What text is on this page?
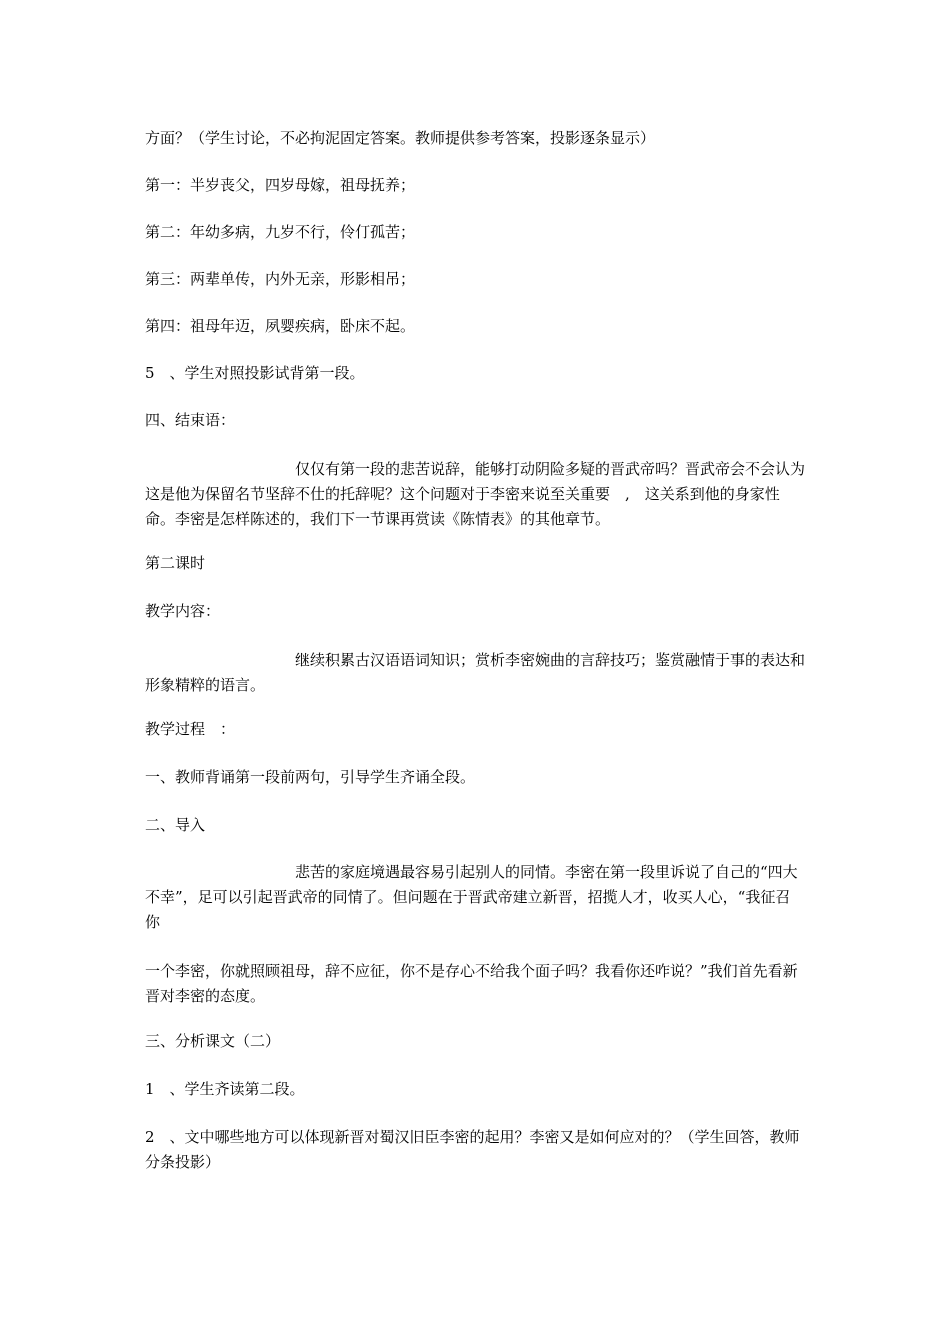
方面？（学生讨论，不必拘泥固定答案。教师提供参考答案，投影逐条显示）
第一：半岁丧父，四岁母嫁，祖母抚养；
第二：年幼多病，九岁不行，伶仃孤苦；
第三：两辈单传，内外无亲，形影相吊；
第四：祖母年迈，夙婴疾病，卧床不起。
5　、学生对照投影试背第一段。
四、结束语：
仅仅有第一段的悲苦说辞，能够打动阴险多疑的晋武帝吗？晋武帝会不会认为这是他为保留名节坚辞不仕的托辞呢？这个问题对于李密来说至关重要　,　这关系到他的身家性命。李密是怎样陈述的，我们下一节课再赏读《陈情表》的其他章节。
第二课时
教学内容：
继续积累古汉语语词知识；赏析李密婉曲的言辞技巧；鉴赏融情于事的表达和形象精粹的语言。
教学过程　：
一、教师背诵第一段前两句，引导学生齐诵全段。
二、导入
悲苦的家庭境遇最容易引起别人的同情。李密在第一段里诉说了自己的“四大不幸”，足可以引起晋武帝的同情了。但问题在于晋武帝建立新晋，招揽人才，收买人心，“我征召你
一个李密，你就照顾祖母，辞不应征，你不是存心不给我个面子吗？我看你还咋说？”我们首先看新晋对李密的态度。
三、分析课文（二）
1　、学生齐读第二段。
2　、文中哪些地方可以体现新晋对蜀汉旧臣李密的起用？李密又是如何应对的？（学生回答，教师分条投影）
